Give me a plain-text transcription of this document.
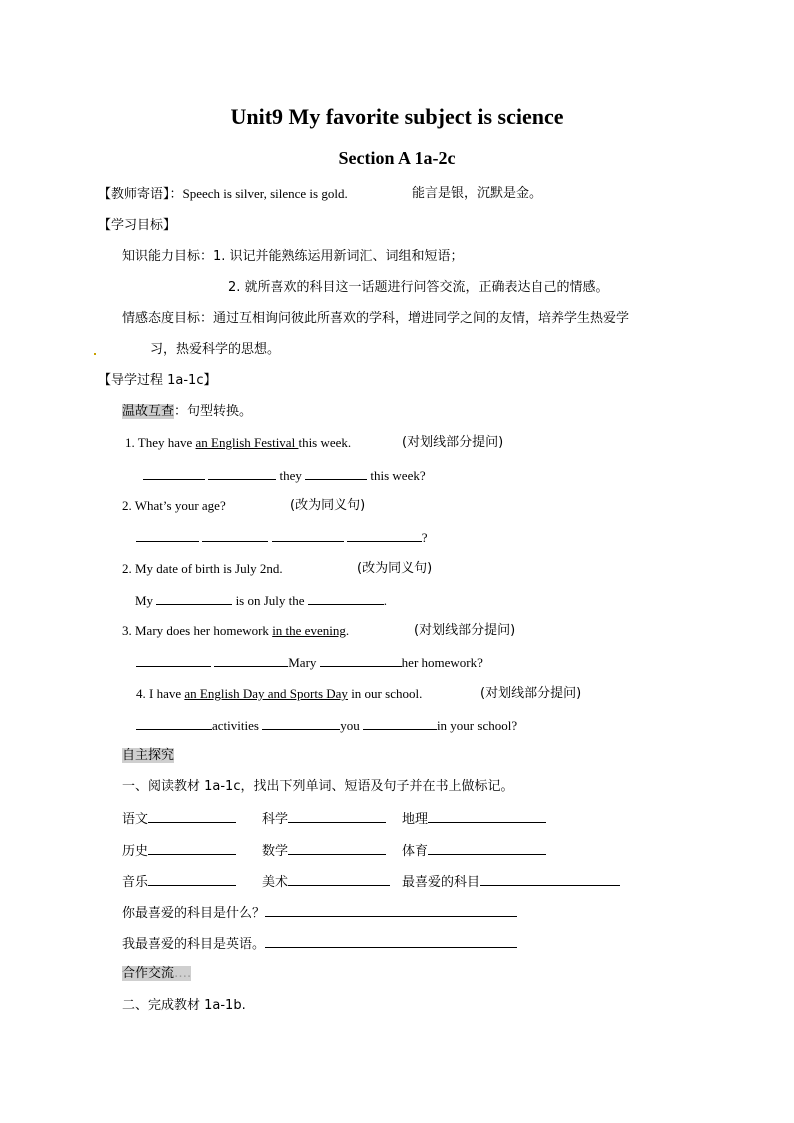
Unit9 My favorite subject is science
Section A 1a-2c
【教师寄语】：Speech is silver, silence is gold.	能言是银，沉默是金。
【学习目标】
知识能力目标：1. 识记并能熟练运用新词汇、词组和短语；
2. 就所喜欢的科目这一话题进行问答交流，正确表达自己的情感。
情感态度目标：通过互相询问彼此所喜欢的学科，增进同学之间的友情，培养学生热爱学
习，热爱科学的思想。
【导学过程 1a-1c】
温故互查：句型转换。
1. They have an English Festival this week.	(对划线部分提问)
they	this week?
2. What’s your age?	(改为同义句)
?
2. My date of birth is July 2nd.	(改为同义句)
My	is on July the	.
3. Mary does her homework in the evening.	(对划线部分提问)
Mary	her homework?
4. I have an English Day and Sports Day in our school.	(对划线部分提问)
activities	you	in your school?
自主探究
一、阅读教材 1a-1c，找出下列单词、短语及句子并在书上做标记。
语文	科学	地理
历史	数学	体育
音乐	美术	最喜爱的科目
你最喜爱的科目是什么？
我最喜爱的科目是英语。
合作交流….
二、完成教材 1a-1b.
